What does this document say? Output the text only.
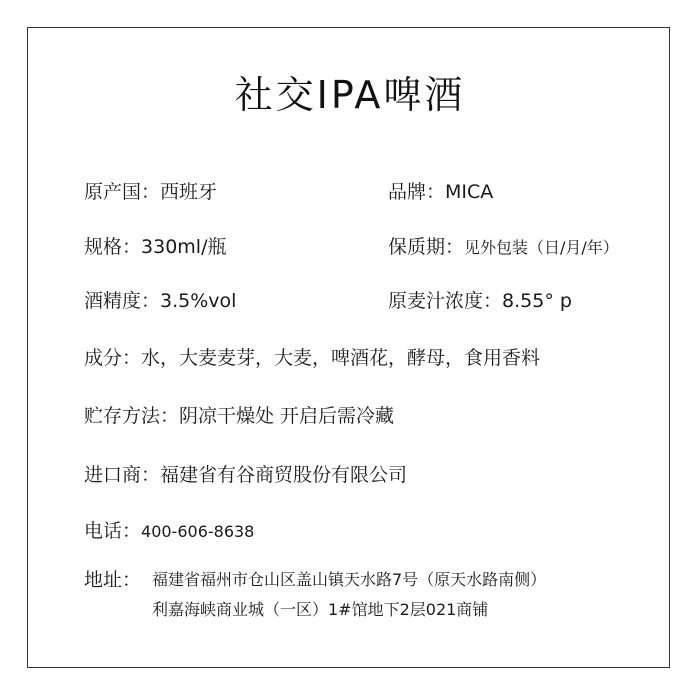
社交IPA啤酒
原产国：西班牙	品牌：MICA
规格：330ml/瓶	保质期：见外包装（日/月/年）
酒精度：3.5%vol	原麦汁浓度：8.55° p
成分：水，大麦麦芽，大麦，啤酒花，酵母，食用香料
贮存方法：阴凉干燥处 开启后需冷藏
进口商：福建省有谷商贸股份有限公司
电话：400-606-8638
地址： 福建省福州市仓山区盖山镇天水路7号（原天水路南侧）
利嘉海峡商业城（一区）1#馆地下2层021商铺
